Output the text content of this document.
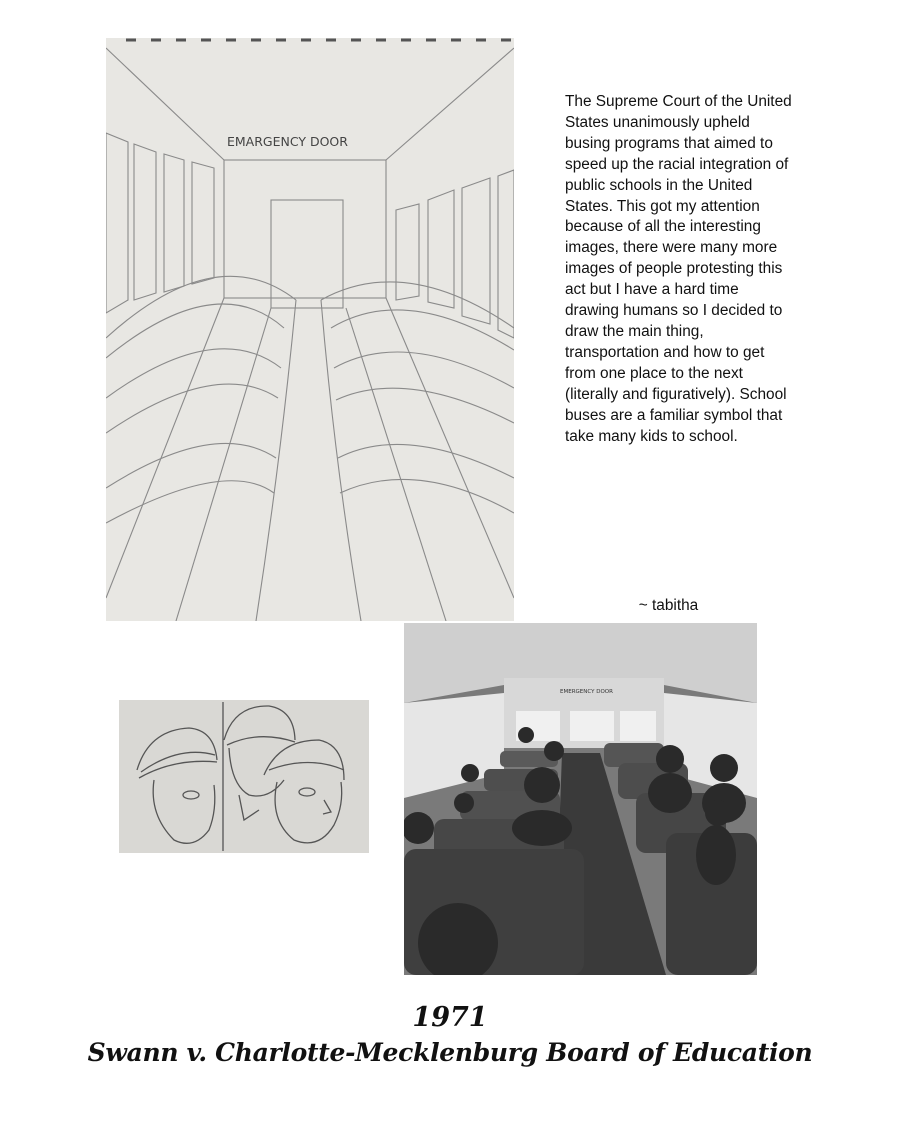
EMARGENCY DOOR

The Supreme Court of the United States unanimously upheld busing programs that aimed to speed up the racial integration of public schools in the United States. This got my attention because of all the interesting images, there were many more images of people protesting this act but I have a hard time drawing humans so I decided to draw the main thing, transportation and how to get from one place to the next (literally and figuratively). School buses are a familiar symbol that take many kids to school.

~ tabitha
EMERGENCY DOOR
1971
Swann v. Charlotte-Mecklenburg Board of Education
